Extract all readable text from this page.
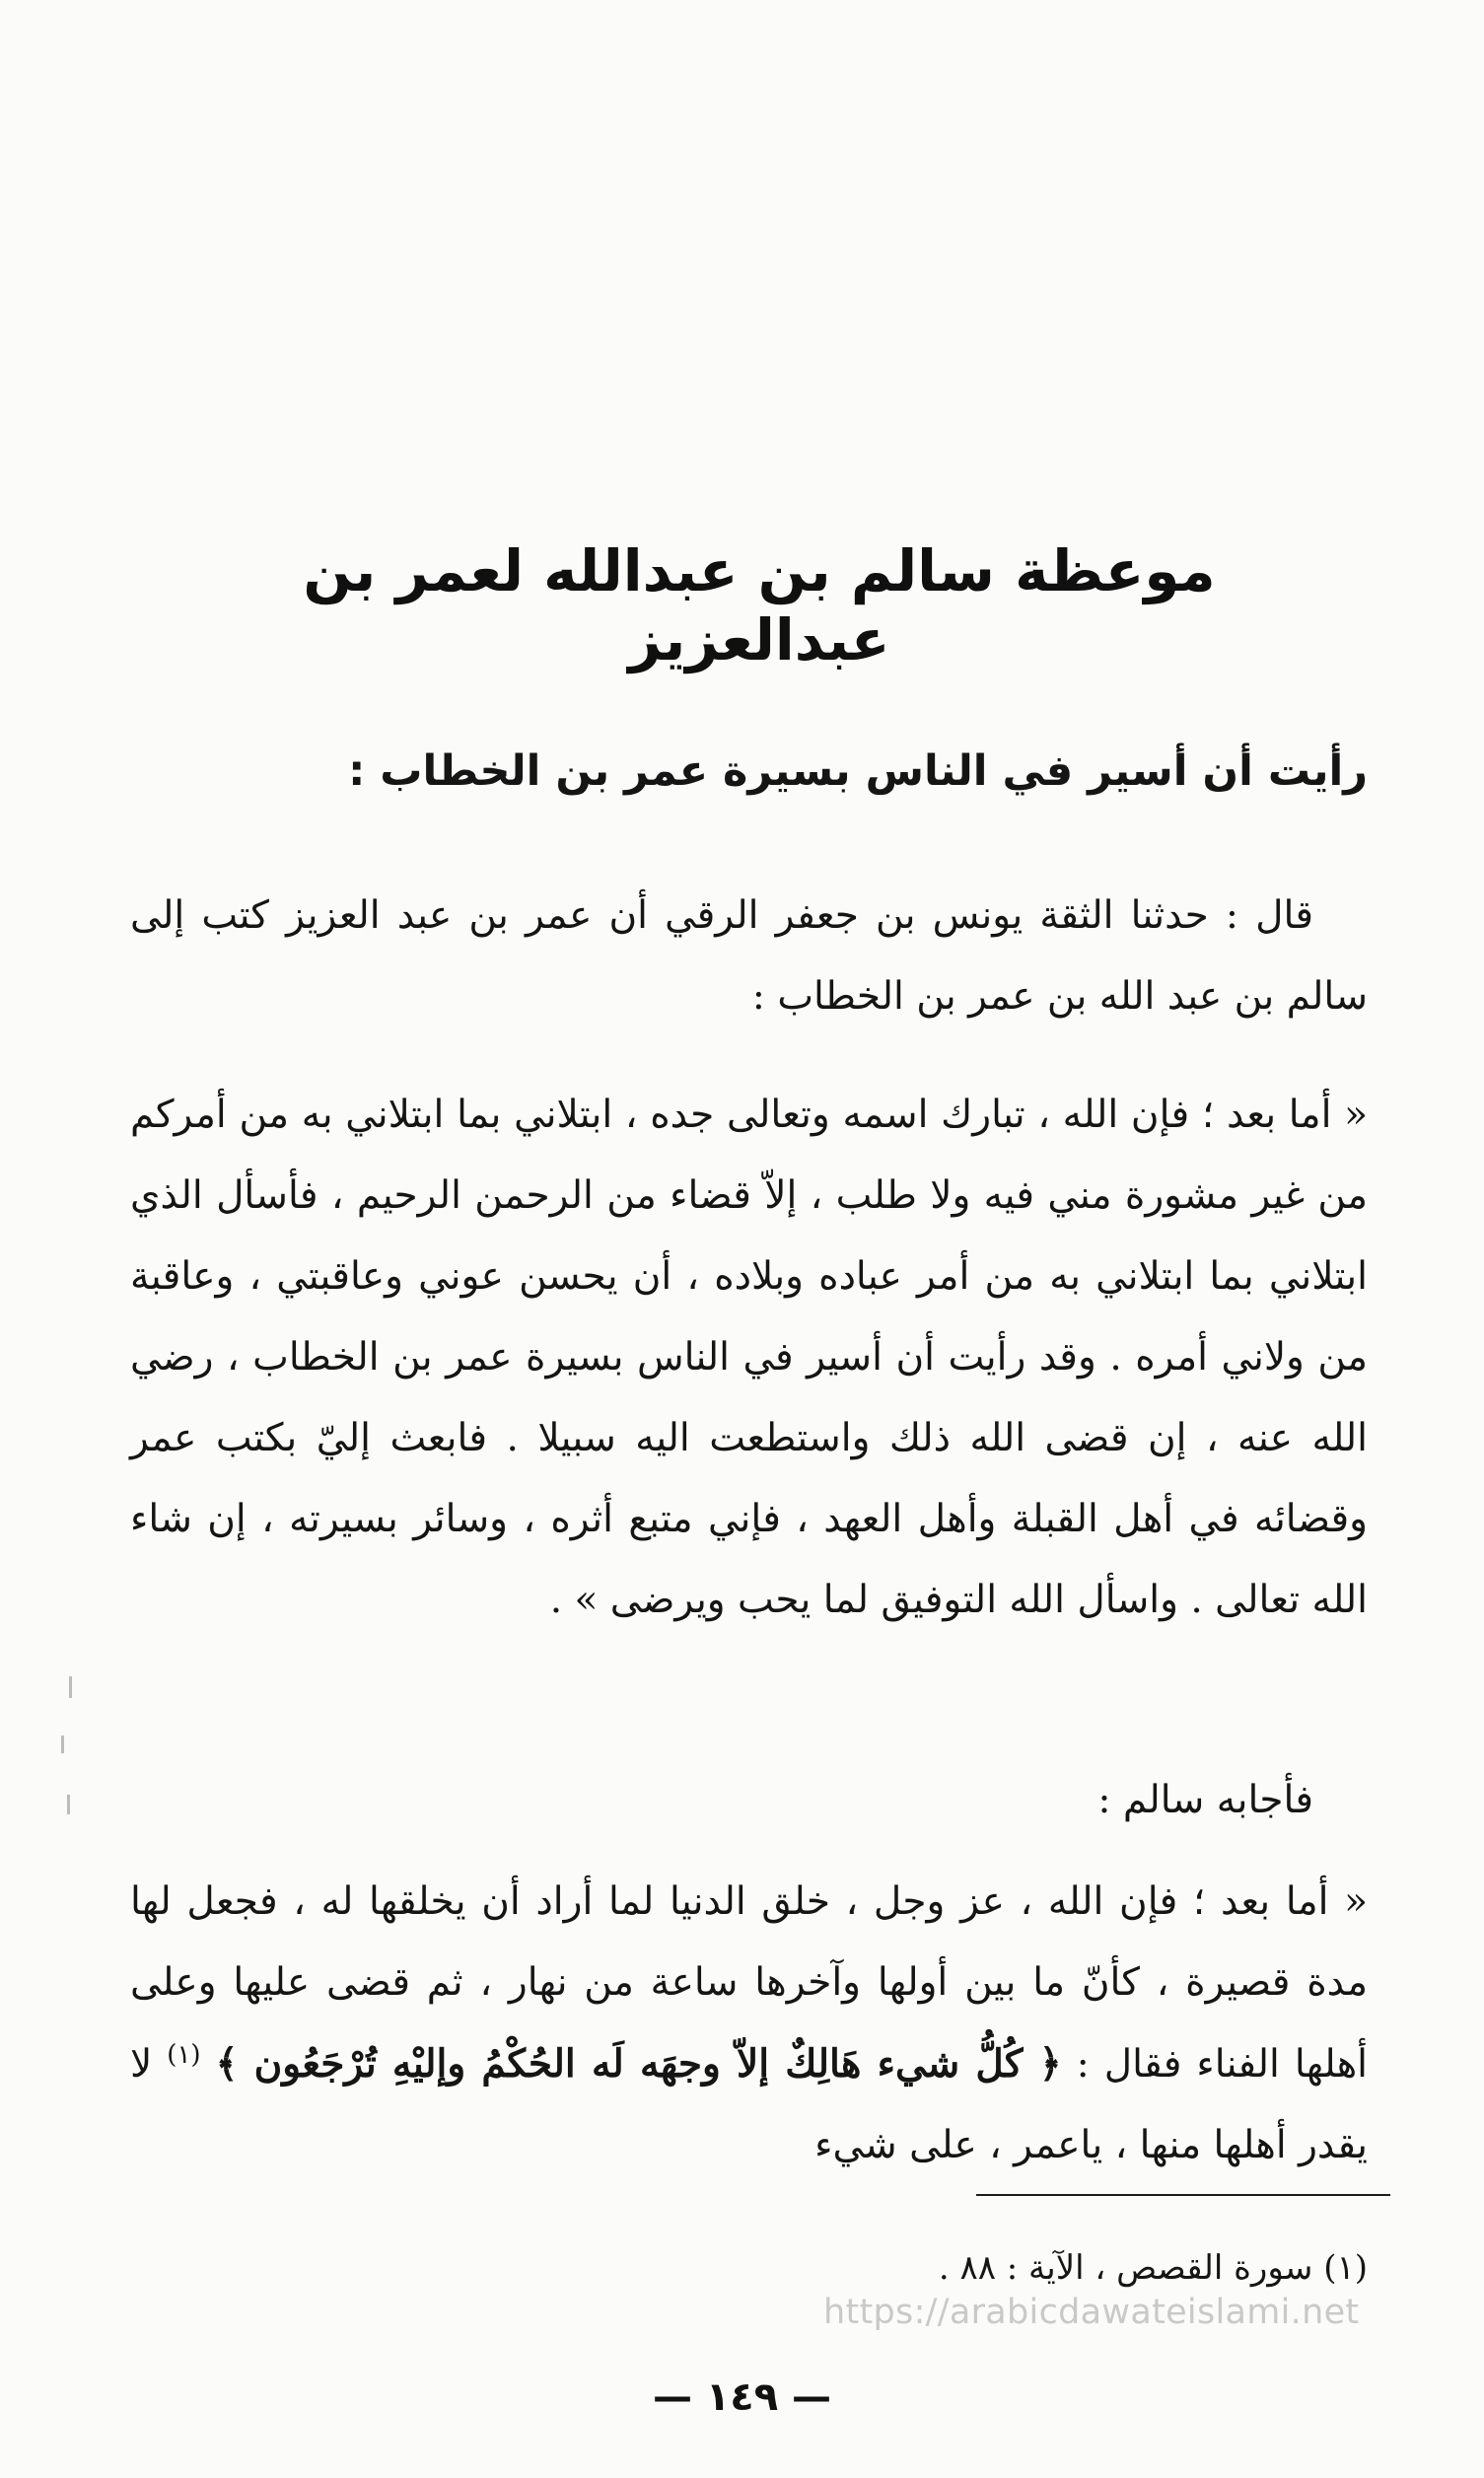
موعظة سالم بن عبدالله لعمر بن عبدالعزيز
رأيت أن أسير في الناس بسيرة عمر بن الخطاب :

قال : حدثنا الثقة يونس بن جعفر الرقي أن عمر بن عبد العزيز كتب إلى سالم بن عبد الله بن عمر بن الخطاب :

« أما بعد ؛ فإن الله ، تبارك اسمه وتعالى جده ، ابتلاني بما ابتلاني به من أمركم من غير مشورة مني فيه ولا طلب ، إلاّ قضاء من الرحمن الرحيم ، فأسأل الذي ابتلاني بما ابتلاني به من أمر عباده وبلاده ، أن يحسن عوني وعاقبتي ، وعاقبة من ولاني أمره . وقد رأيت أن أسير في الناس بسيرة عمر بن الخطاب ، رضي الله عنه ، إن قضى الله ذلك واستطعت اليه سبيلا . فابعث إليّ بكتب عمر وقضائه في أهل القبلة وأهل العهد ، فإني متبع أثره ، وسائر بسيرته ، إن شاء الله تعالى . واسأل الله التوفيق لما يحب ويرضى » .

فأجابه سالم :

« أما بعد ؛ فإن الله ، عز وجل ، خلق الدنيا لما أراد أن يخلقها له ، فجعل لها مدة قصيرة ، كأنّ ما بين أولها وآخرها ساعة من نهار ، ثم قضى عليها وعلى أهلها الفناء فقال : ﴿ كُلُّ شيء هَالِكٌ إلاّ وجهَه لَه الحُكْمُ وإليْهِ تُرْجَعُون ﴾ $^{(١)}$ لا يقدر أهلها منها ، ياعمر ، على شيء

(١) سورة القصص ، الآية : ٨٨ .

https://arabicdawateislami.net

— ١٤٩ —
